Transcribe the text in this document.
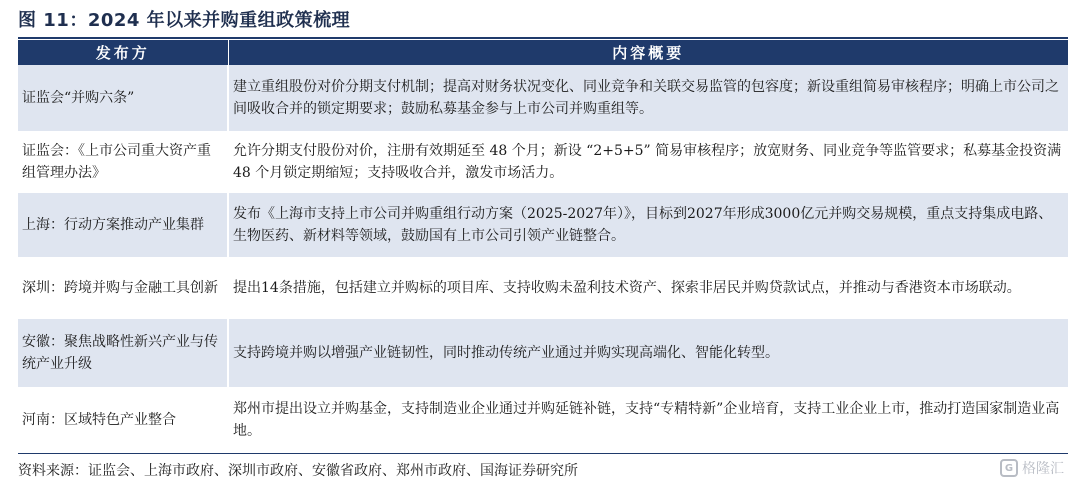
图 11：2024 年以来并购重组政策梳理
发布方	内容概要
证监会“并购六条”	建立重组股份对价分期支付机制；提高对财务状况变化、同业竞争和关联交易监管的包容度；新设重组简易审核程序；明确上市公司之间吸收合并的锁定期要求；鼓励私募基金参与上市公司并购重组等。
证监会：《上市公司重大资产重组管理办法》	允许分期支付股份对价，注册有效期延至 48 个月；新设 “2+5+5” 简易审核程序；放宽财务、同业竞争等监管要求；私募基金投资满 48 个月锁定期缩短；支持吸收合并，激发市场活力。
上海：行动方案推动产业集群	发布《上海市支持上市公司并购重组行动方案（2025-2027年）》，目标到2027年形成3000亿元并购交易规模，重点支持集成电路、生物医药、新材料等领域，鼓励国有上市公司引领产业链整合。
深圳：跨境并购与金融工具创新	提出14条措施，包括建立并购标的项目库、支持收购未盈利技术资产、探索非居民并购贷款试点，并推动与香港资本市场联动。
安徽：聚焦战略性新兴产业与传统产业升级	支持跨境并购以增强产业链韧性，同时推动传统产业通过并购实现高端化、智能化转型。
河南：区域特色产业整合	郑州市提出设立并购基金，支持制造业企业通过并购延链补链，支持“专精特新”企业培育，支持工业企业上市，推动打造国家制造业高地。
资料来源：证监会、上海市政府、深圳市政府、安徽省政府、郑州市政府、国海证券研究所	G 格隆汇
